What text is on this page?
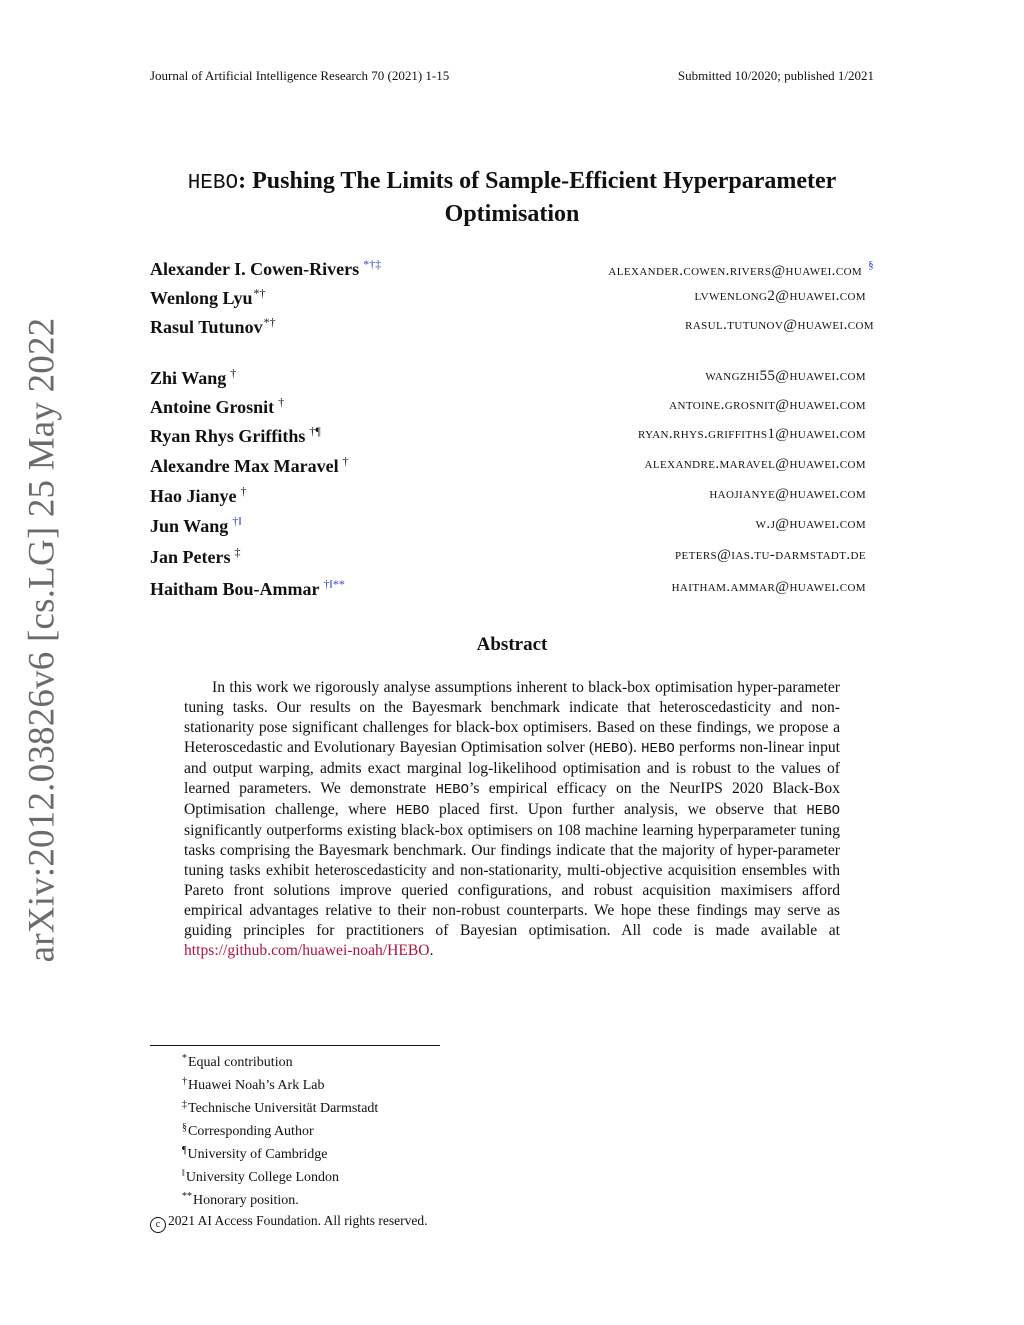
arXiv:2012.03826v6 [cs.LG] 25 May 2022
Journal of Artificial Intelligence Research 70 (2021) 1-15	Submitted 10/2020; published 1/2021
HEBO: Pushing The Limits of Sample-Efficient Hyperparameter
Optimisation
Alexander I. Cowen-Rivers *†‡	alexander.cowen.rivers@huawei.com §
Wenlong Lyu*†	lvwenlong2@huawei.com
Rasul Tutunov*†	rasul.tutunov@huawei.com
Zhi Wang †	wangzhi55@huawei.com
Antoine Grosnit †	antoine.grosnit@huawei.com
Ryan Rhys Griffiths †¶	ryan.rhys.griffiths1@huawei.com
Alexandre Max Maravel †	alexandre.maravel@huawei.com
Hao Jianye †	haojianye@huawei.com
Jun Wang †‖	w.j@huawei.com
Jan Peters ‡	peters@ias.tu-darmstadt.de
Haitham Bou-Ammar †‖**	haitham.ammar@huawei.com
Abstract

In this work we rigorously analyse assumptions inherent to black-box optimisation hyper-parameter tuning tasks. Our results on the Bayesmark benchmark indicate that heteroscedasticity and non-stationarity pose significant challenges for black-box optimisers. Based on these findings, we propose a Heteroscedastic and Evolutionary Bayesian Optimisation solver (HEBO). HEBO performs non-linear input and output warping, admits exact marginal log-likelihood optimisation and is robust to the values of learned parameters. We demonstrate HEBO’s empirical efficacy on the NeurIPS 2020 Black-Box Optimisation challenge, where HEBO placed first. Upon further analysis, we observe that HEBO significantly outperforms existing black-box optimisers on 108 machine learning hyperparameter tuning tasks comprising the Bayesmark benchmark. Our findings indicate that the majority of hyper-parameter tuning tasks exhibit heteroscedasticity and non-stationarity, multi-objective acquisition ensembles with Pareto front solutions improve queried configurations, and robust acquisition maximisers afford empirical advantages relative to their non-robust counterparts. We hope these findings may serve as guiding principles for practitioners of Bayesian optimisation. All code is made available at https://github.com/huawei-noah/HEBO.

*Equal contribution
†Huawei Noah’s Ark Lab
‡Technische Universität Darmstadt
§Corresponding Author
¶University of Cambridge
‖University College London
**Honorary position.
c 2021 AI Access Foundation. All rights reserved.
